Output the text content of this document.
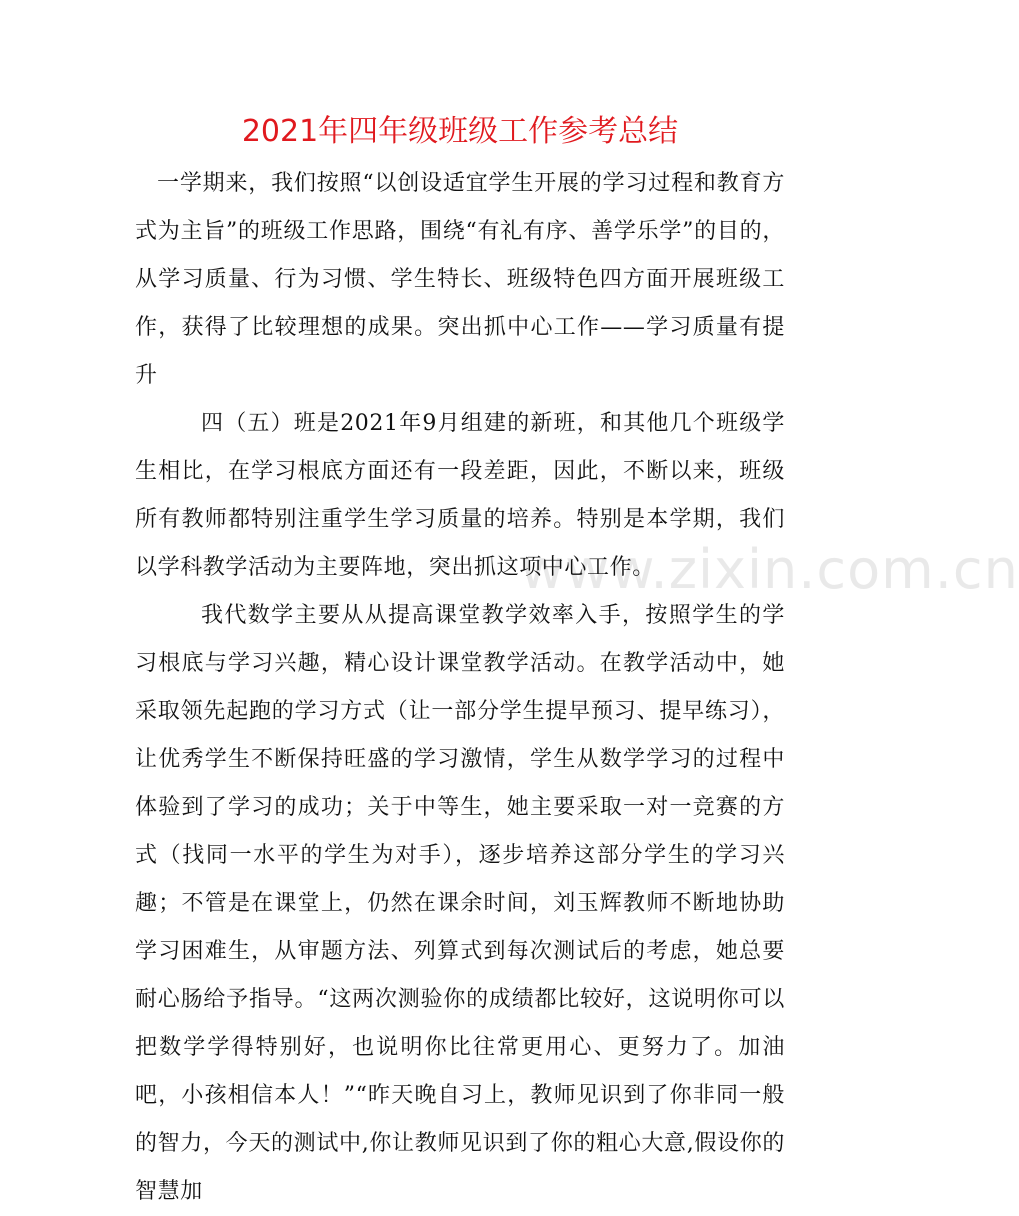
2021年四年级班级工作参考总结
www.zixin.com.cn

一学期来，我们按照“以创设适宜学生开展的学习过程和教育方式为主旨”的班级工作思路，围绕“有礼有序、善学乐学”的目的，从学习质量、行为习惯、学生特长、班级特色四方面开展班级工作，获得了比较理想的成果。突出抓中心工作——学习质量有提升

四（五）班是2021年9月组建的新班，和其他几个班级学生相比，在学习根底方面还有一段差距，因此，不断以来，班级所有教师都特别注重学生学习质量的培养。特别是本学期，我们以学科教学活动为主要阵地，突出抓这项中心工作。

我代数学主要从从提高课堂教学效率入手，按照学生的学习根底与学习兴趣，精心设计课堂教学活动。在教学活动中，她采取领先起跑的学习方式（让一部分学生提早预习、提早练习），让优秀学生不断保持旺盛的学习激情，学生从数学学习的过程中体验到了学习的成功；关于中等生，她主要采取一对一竞赛的方式（找同一水平的学生为对手），逐步培养这部分学生的学习兴趣；不管是在课堂上，仍然在课余时间，刘玉辉教师不断地协助学习困难生，从审题方法、列算式到每次测试后的考虑，她总要耐心肠给予指导。“这两次测验你的成绩都比较好，这说明你可以把数学学得特别好，也说明你比往常更用心、更努力了。加油吧，小孩相信本人！”“昨天晚自习上，教师见识到了你非同一般的智力，今天的测试中,你让教师见识到了你的粗心大意,假设你的智慧加
